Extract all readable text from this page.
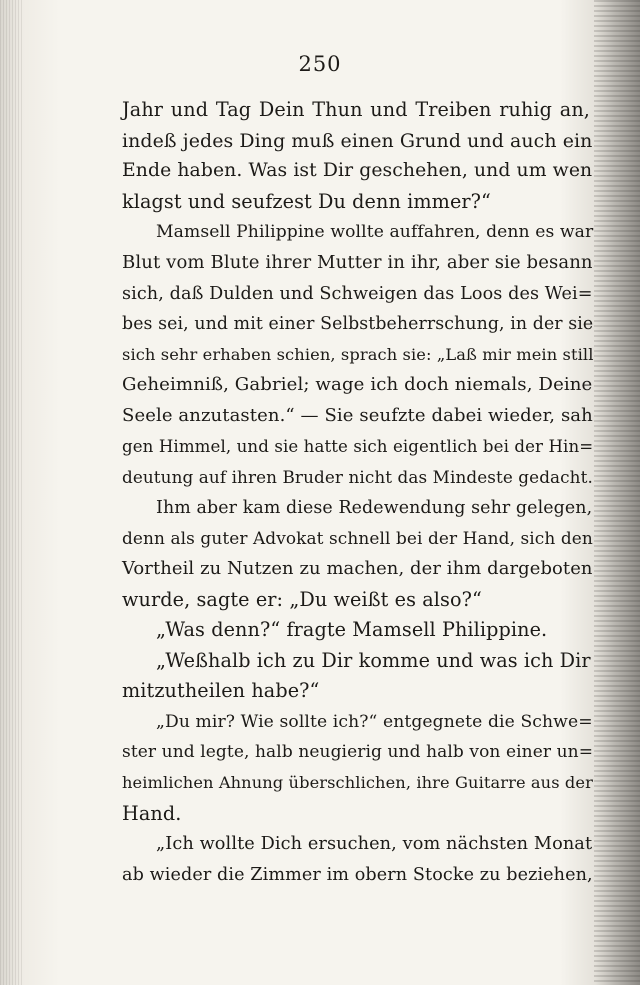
250
Jahr und Tag Dein Thun und Treiben ruhig an,
indeß jedes Ding muß einen Grund und auch ein
Ende haben. Was ist Dir geschehen, und um wen
klagst und seufzest Du denn immer?“
Mamsell Philippine wollte auffahren, denn es war
Blut vom Blute ihrer Mutter in ihr, aber sie besann
sich, daß Dulden und Schweigen das Loos des Wei=
bes sei, und mit einer Selbstbeherrschung, in der sie
sich sehr erhaben schien, sprach sie: „Laß mir mein still
Geheimniß, Gabriel; wage ich doch niemals, Deine
Seele anzutasten.“ — Sie seufzte dabei wieder, sah
gen Himmel, und sie hatte sich eigentlich bei der Hin=
deutung auf ihren Bruder nicht das Mindeste gedacht.
Ihm aber kam diese Redewendung sehr gelegen,
denn als guter Advokat schnell bei der Hand, sich den
Vortheil zu Nutzen zu machen, der ihm dargeboten
wurde, sagte er: „Du weißt es also?“
„Was denn?“ fragte Mamsell Philippine.
„Weßhalb ich zu Dir komme und was ich Dir
mitzutheilen habe?“
„Du mir? Wie sollte ich?“ entgegnete die Schwe=
ster und legte, halb neugierig und halb von einer un=
heimlichen Ahnung überschlichen, ihre Guitarre aus der
Hand.
„Ich wollte Dich ersuchen, vom nächsten Monat
ab wieder die Zimmer im obern Stocke zu beziehen,
